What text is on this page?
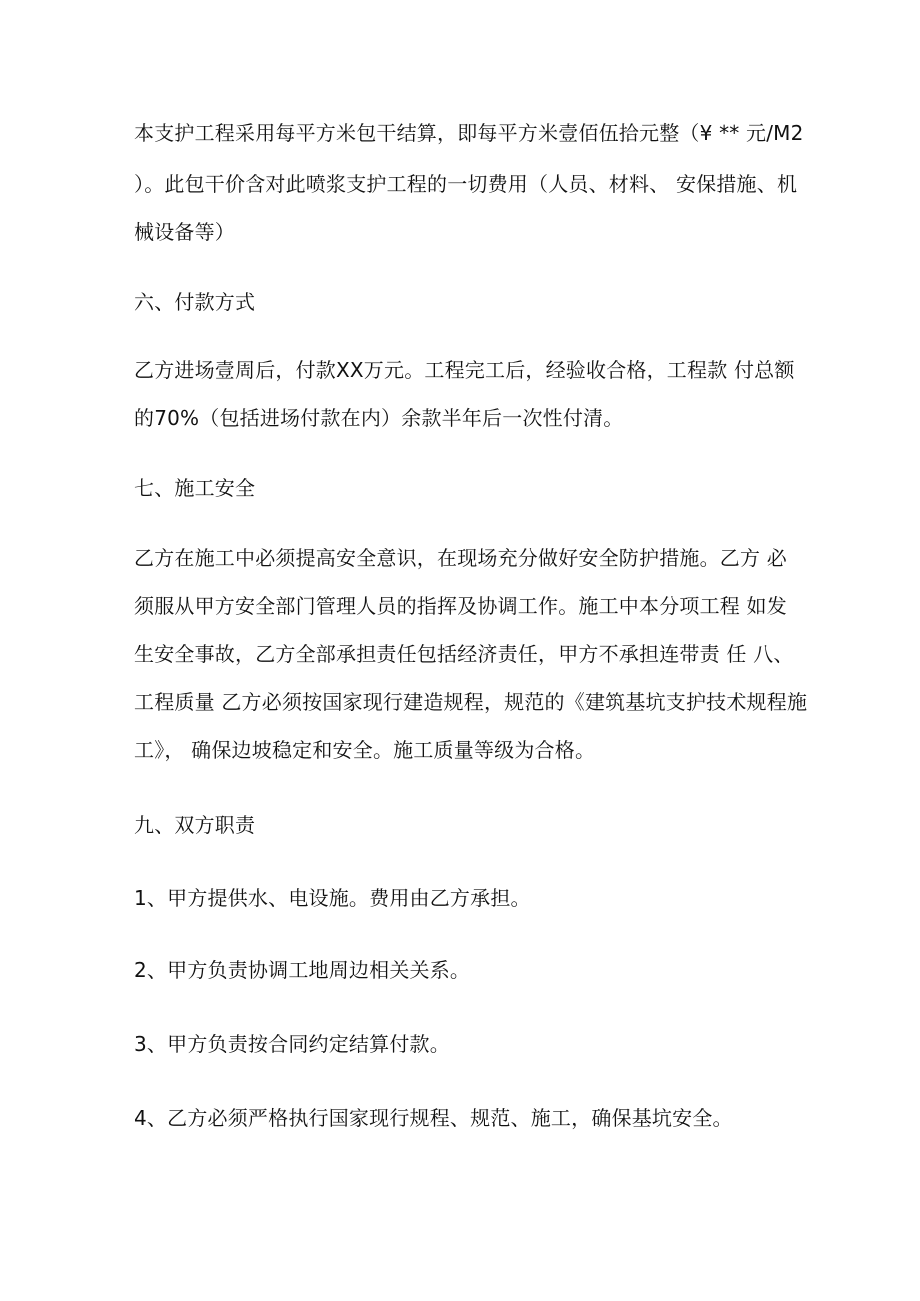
本支护工程采用每平方米包干结算，即每平方米壹佰伍拾元整（¥ ** 元/M2
）。此包干价含对此喷浆支护工程的一切费用（人员、材料、 安保措施、机
械设备等）
六、付款方式
乙方进场壹周后，付款XX万元。工程完工后，经验收合格，工程款 付总额
的70%（包括进场付款在内）余款半年后一次性付清。
七、施工安全
乙方在施工中必须提高安全意识，在现场充分做好安全防护措施。乙方 必
须服从甲方安全部门管理人员的指挥及协调工作。施工中本分项工程 如发
生安全事故，乙方全部承担责任包括经济责任，甲方不承担连带责 任 八、
工程质量 乙方必须按国家现行建造规程，规范的《建筑基坑支护技术规程施
工》， 确保边坡稳定和安全。施工质量等级为合格。
九、双方职责
1、甲方提供水、电设施。费用由乙方承担。
2、甲方负责协调工地周边相关关系。
3、甲方负责按合同约定结算付款。
4、乙方必须严格执行国家现行规程、规范、施工，确保基坑安全。
